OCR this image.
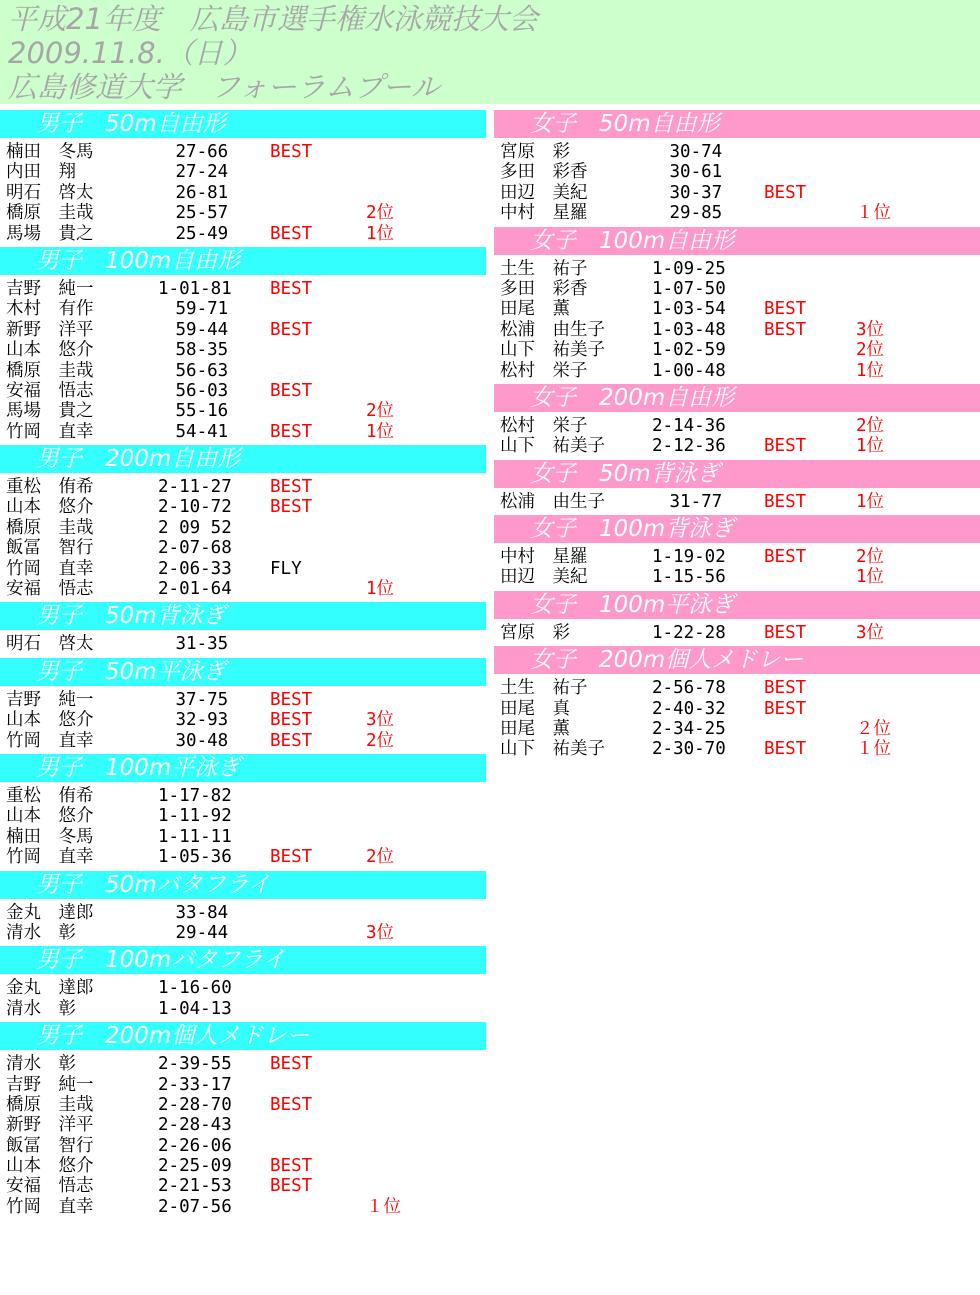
平成21年度　広島市選手権水泳競技大会
2009.11.8.（日）
広島修道大学　フォーラムプール
男子　50m自由形
楠田　冬馬	　27-66 BEST
内田　翔	　27-24
明石　啓太	　26-81
橋原　圭哉	　25-57	2位
馬場　貴之	　25-49 BEST	1位
男子　100m自由形
吉野　純一	1-01-81 BEST
木村　有作	　59-71
新野　洋平	　59-44 BEST
山本　悠介	　58-35
橋原　圭哉	　56-63
安福　悟志	　56-03 BEST
馬場　貴之	　55-16	2位
竹岡　直幸	　54-41 BEST	1位
男子　200m自由形
重松　侑希	2-11-27 BEST
山本　悠介	2-10-72 BEST
橋原　圭哉	2 09 52
飯冨　智行	2-07-68
竹岡　直幸	2-06-33 FLY
安福　悟志	2-01-64	1位
男子　50m背泳ぎ
明石　啓太	　31-35
男子　50m平泳ぎ
吉野　純一	　37-75 BEST
山本　悠介	　32-93 BEST	3位
竹岡　直幸	　30-48 BEST	2位
男子　100m平泳ぎ
重松　侑希	1-17-82
山本　悠介	1-11-92
楠田　冬馬	1-11-11
竹岡　直幸	1-05-36 BEST	2位
男子　50mバタフライ
金丸　達郎	　33-84
清水　彰	　29-44	3位
男子　100mバタフライ
金丸　達郎	1-16-60
清水　彰	1-04-13
男子　200m個人メドレー
清水　彰	2-39-55 BEST
吉野　純一	2-33-17
橋原　圭哉	2-28-70 BEST
新野　洋平	2-28-43
飯冨　智行	2-26-06
山本　悠介	2-25-09 BEST
安福　悟志	2-21-53 BEST
竹岡　直幸	2-07-56	１位
女子　50m自由形
宮原　彩	　30-74
多田　彩香	　30-61
田辺　美紀	　30-37 BEST
中村　星羅	　29-85	１位
女子　100m自由形
土生　祐子	1-09-25
多田　彩香	1-07-50
田尾　薫	1-03-54 BEST
松浦　由生子	1-03-48 BEST	3位
山下　祐美子	1-02-59	2位
松村　栄子	1-00-48	1位
女子　200m自由形
松村　栄子	2-14-36	2位
山下　祐美子	2-12-36 BEST	1位
女子　50m背泳ぎ
松浦　由生子	　31-77 BEST	1位
女子　100m背泳ぎ
中村　星羅	1-19-02 BEST	2位
田辺　美紀	1-15-56	1位
女子　100m平泳ぎ
宮原　彩	1-22-28 BEST	3位
女子　200m個人メドレー
土生　祐子	2-56-78 BEST
田尾　真	2-40-32 BEST
田尾　薫	2-34-25	２位
山下　祐美子	2-30-70 BEST	１位
